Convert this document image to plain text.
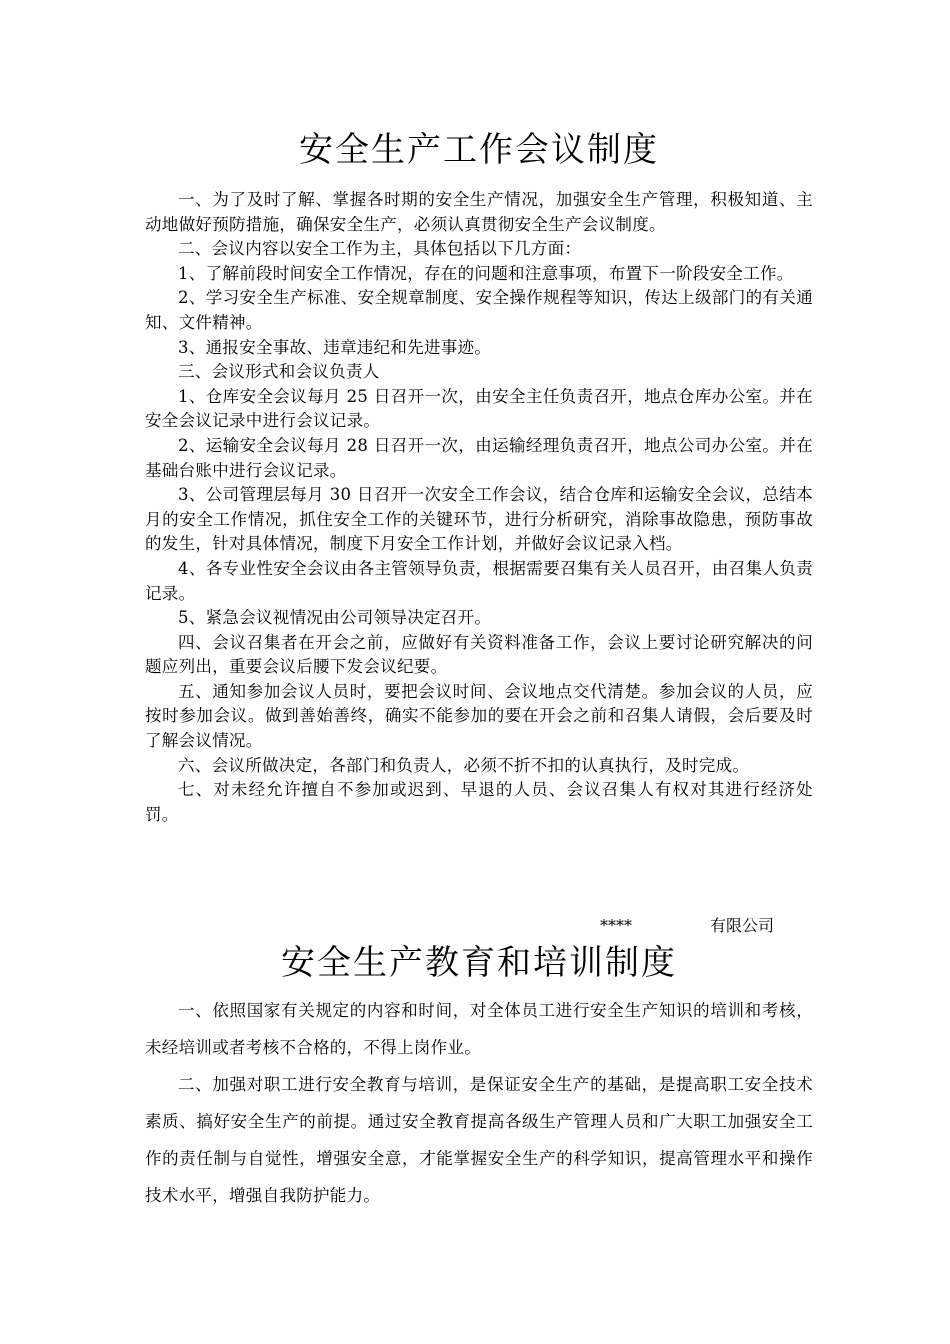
安全生产工作会议制度

一、为了及时了解、掌握各时期的安全生产情况，加强安全生产管理，积极知道、主动地做好预防措施，确保安全生产，必须认真贯彻安全生产会议制度。

二、会议内容以安全工作为主，具体包括以下几方面：

1、了解前段时间安全工作情况，存在的问题和注意事项，布置下一阶段安全工作。

2、学习安全生产标准、安全规章制度、安全操作规程等知识，传达上级部门的有关通知、文件精神。

3、通报安全事故、违章违纪和先进事迹。

三、会议形式和会议负责人

1、仓库安全会议每月 25 日召开一次，由安全主任负责召开，地点仓库办公室。并在安全会议记录中进行会议记录。

2、运输安全会议每月 28 日召开一次，由运输经理负责召开，地点公司办公室。并在基础台账中进行会议记录。

3、公司管理层每月 30 日召开一次安全工作会议，结合仓库和运输安全会议，总结本月的安全工作情况，抓住安全工作的关键环节，进行分析研究，消除事故隐患，预防事故的发生，针对具体情况，制度下月安全工作计划，并做好会议记录入档。

4、各专业性安全会议由各主管领导负责，根据需要召集有关人员召开，由召集人负责记录。

5、紧急会议视情况由公司领导决定召开。

四、会议召集者在开会之前，应做好有关资料准备工作，会议上要讨论研究解决的问题应列出，重要会议后腰下发会议纪要。

五、通知参加会议人员时，要把会议时间、会议地点交代清楚。参加会议的人员，应按时参加会议。做到善始善终，确实不能参加的要在开会之前和召集人请假，会后要及时了解会议情况。

六、会议所做决定，各部门和负责人，必须不折不扣的认真执行，及时完成。

七、对未经允许擅自不参加或迟到、早退的人员、会议召集人有权对其进行经济处罚。

****	有限公司
安全生产教育和培训制度

一、依照国家有关规定的内容和时间，对全体员工进行安全生产知识的培训和考核，未经培训或者考核不合格的，不得上岗作业。

二、加强对职工进行安全教育与培训，是保证安全生产的基础，是提高职工安全技术素质、搞好安全生产的前提。通过安全教育提高各级生产管理人员和广大职工加强安全工作的责任制与自觉性，增强安全意，才能掌握安全生产的科学知识，提高管理水平和操作技术水平，增强自我防护能力。
